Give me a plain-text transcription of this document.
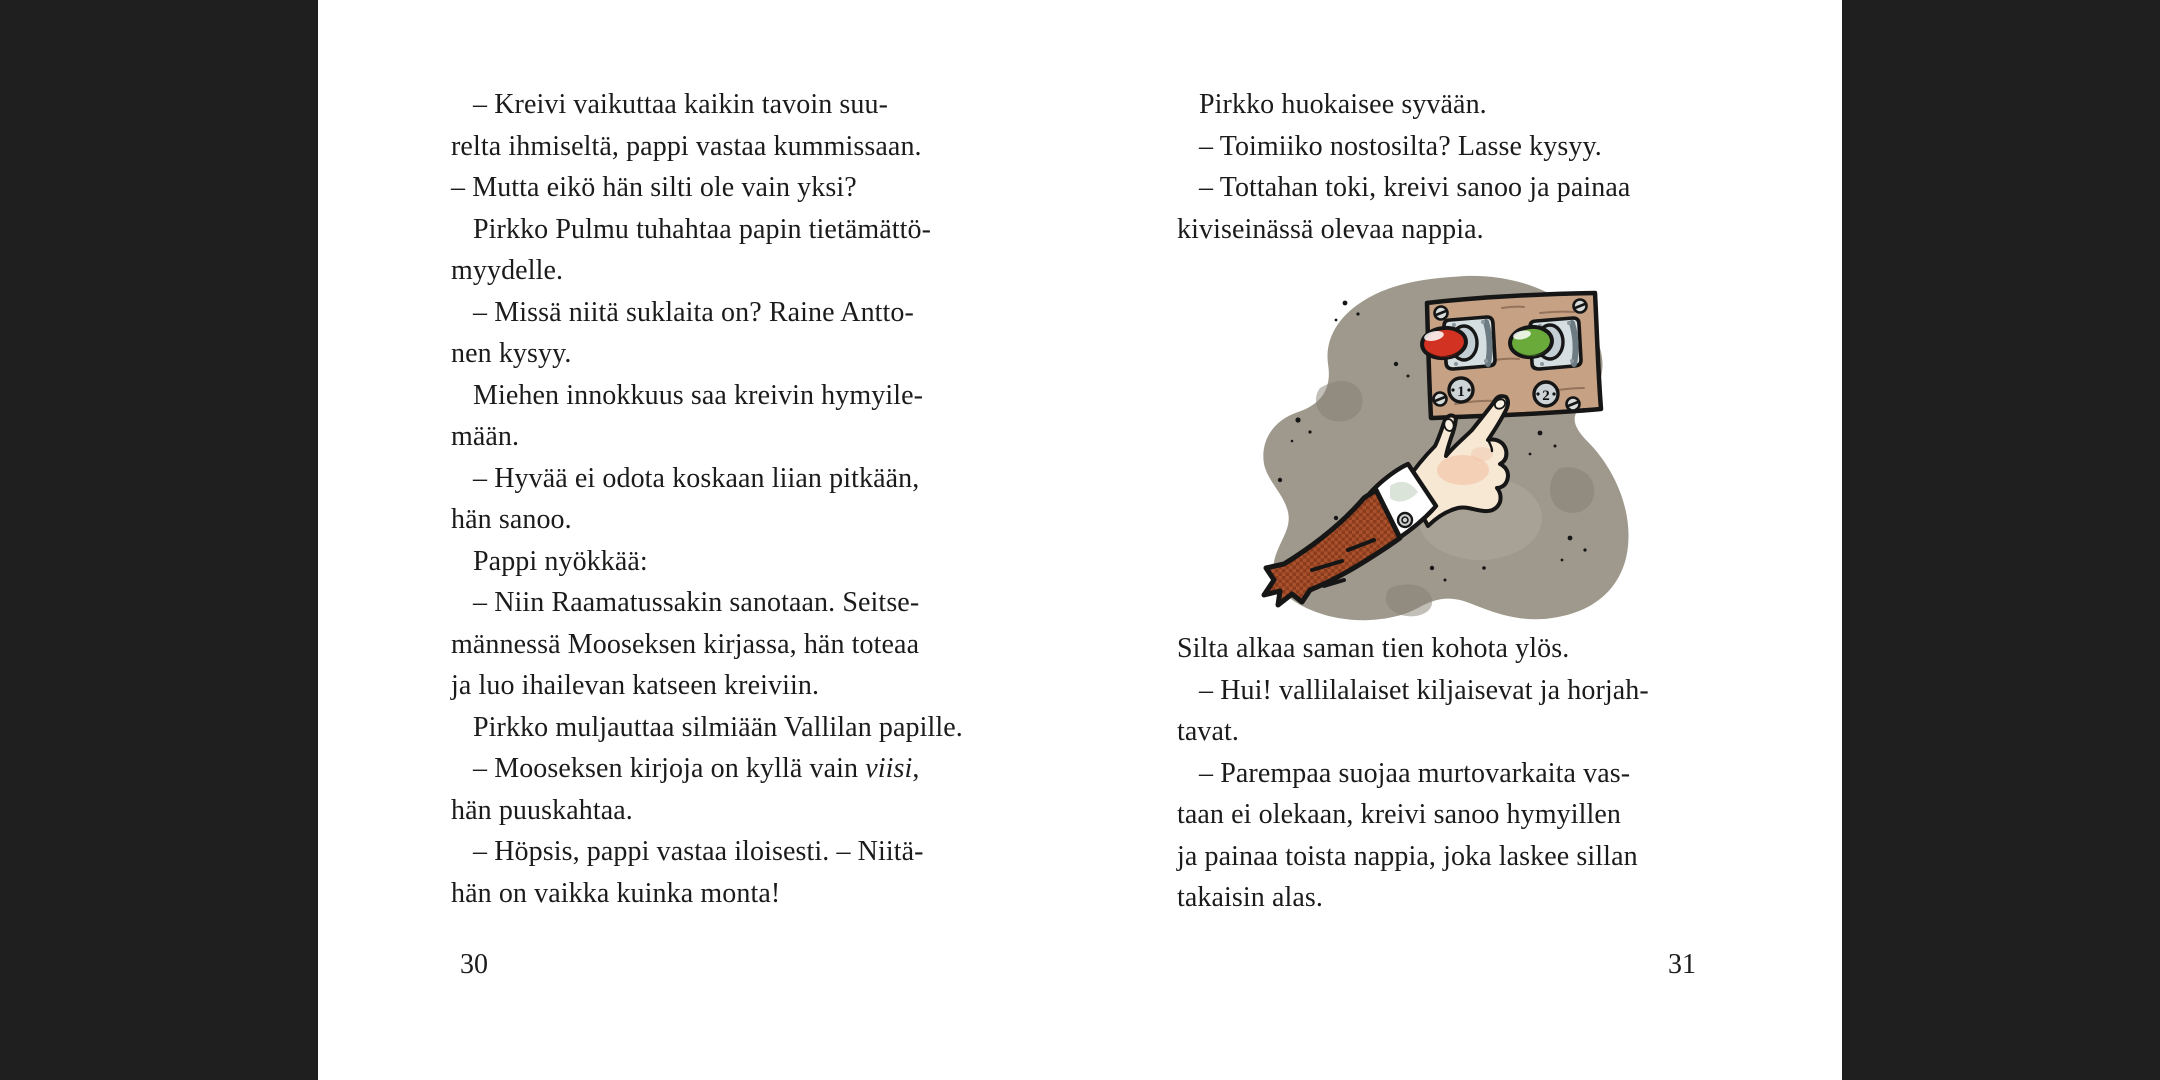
– Kreivi vaikuttaa kaikin tavoin suu-
relta ihmiseltä, pappi vastaa kummissaan.
– Mutta eikö hän silti ole vain yksi?
Pirkko Pulmu tuhahtaa papin tietämättö-
myydelle.
– Missä niitä suklaita on? Raine Antto-
nen kysyy.
Miehen innokkuus saa kreivin hymyile-
mään.
– Hyvää ei odota koskaan liian pitkään,
hän sanoo.
Pappi nyökkää:
– Niin Raamatussakin sanotaan. Seitse-
männessä Mooseksen kirjassa, hän toteaa
ja luo ihailevan katseen kreiviin.
Pirkko muljauttaa silmiään Vallilan papille.
– Mooseksen kirjoja on kyllä vain viisi,
hän puuskahtaa.
– Höpsis, pappi vastaa iloisesti. – Niitä-
hän on vaikka kuinka monta!
30
Pirkko huokaisee syvään.
– Toimiiko nostosilta? Lasse kysyy.
– Tottahan toki, kreivi sanoo ja painaa
kiviseinässä olevaa nappia.
1	2
Silta alkaa saman tien kohota ylös.
– Hui! vallilalaiset kiljaisevat ja horjah-
tavat.
– Parempaa suojaa murtovarkaita vas-
taan ei olekaan, kreivi sanoo hymyillen
ja painaa toista nappia, joka laskee sillan
takaisin alas.
31
